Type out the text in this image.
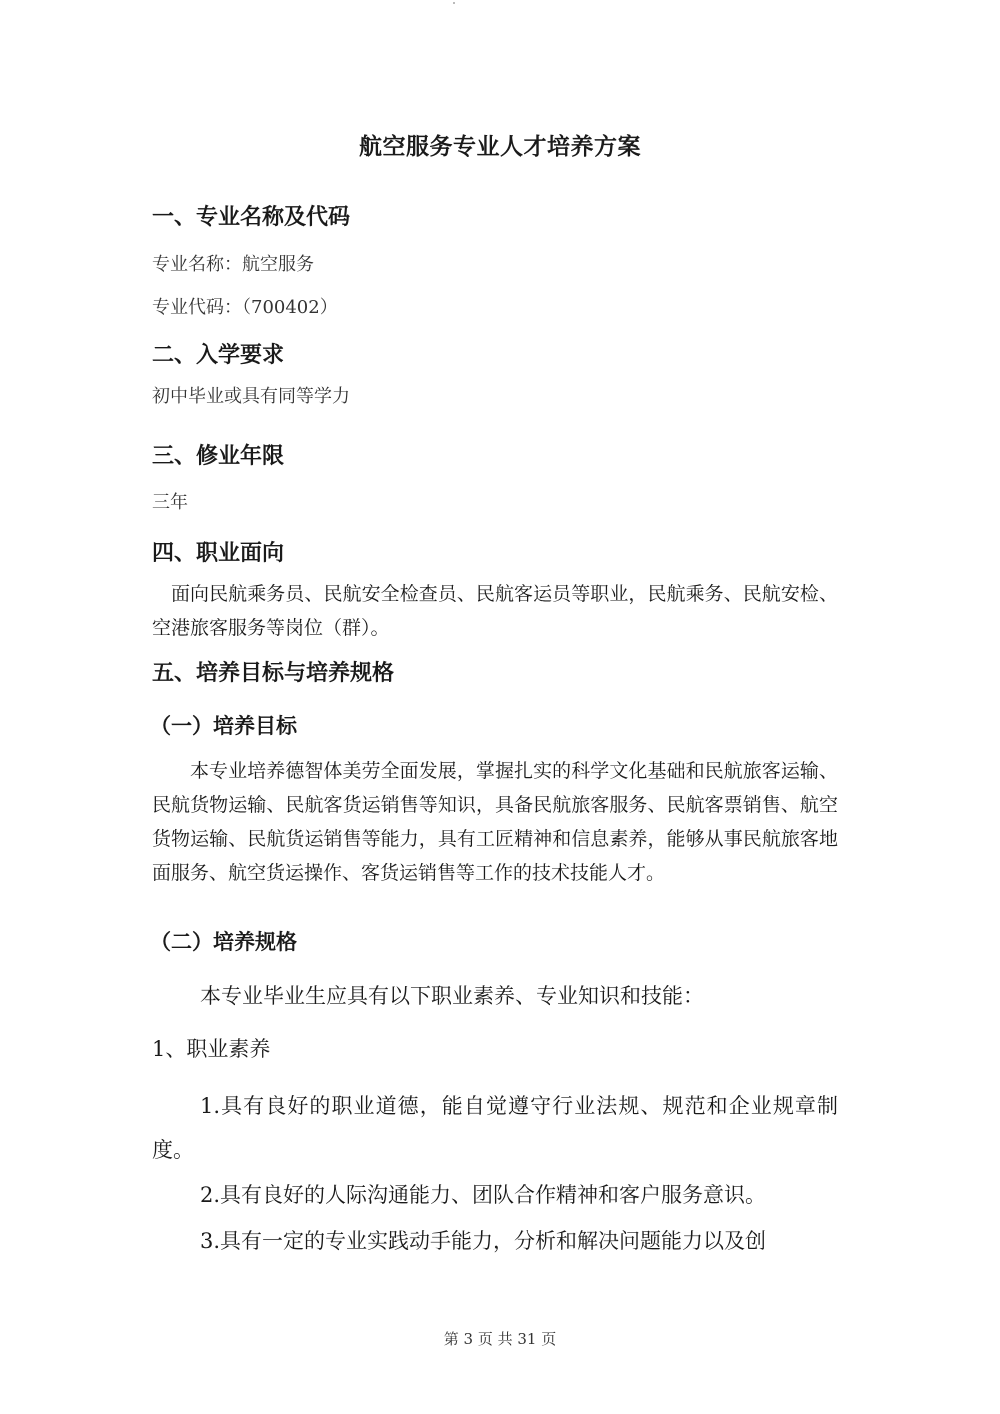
航空服务专业人才培养方案
一、专业名称及代码

专业名称：航空服务

专业代码：（700402）

二、入学要求

初中毕业或具有同等学力

三、修业年限

三年

四、职业面向

面向民航乘务员、民航安全检查员、民航客运员等职业，民航乘务、民航安检、空港旅客服务等岗位（群）。

五、培养目标与培养规格
（一）培养目标

本专业培养德智体美劳全面发展，掌握扎实的科学文化基础和民航旅客运输、民航货物运输、民航客货运销售等知识，具备民航旅客服务、民航客票销售、航空货物运输、民航货运销售等能力，具有工匠精神和信息素养，能够从事民航旅客地面服务、航空货运操作、客货运销售等工作的技术技能人才。

（二）培养规格

本专业毕业生应具有以下职业素养、专业知识和技能：

1、职业素养

1.具有良好的职业道德，能自觉遵守行业法规、规范和企业规章制度。

2.具有良好的人际沟通能力、团队合作精神和客户服务意识。

3.具有一定的专业实践动手能力，分析和解决问题能力以及创

第 3 页 共 31 页
